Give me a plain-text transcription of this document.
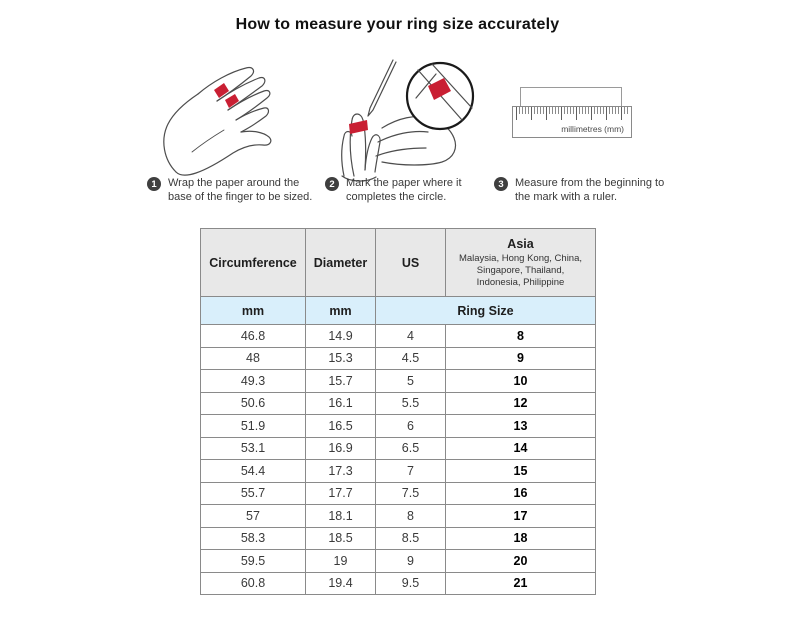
How to measure your ring size accurately
millimetres (mm)
1	Wrap the paper around the
base of the finger to be sized.
2	Mark the paper where it
completes the circle.
3	Measure from the beginning to
the mark with a ruler.
Circumference	Diameter	US	Asia
Malaysia, Hong Kong, China,
Singapore, Thailand,
Indonesia, Philippine

mm	mm	Ring Size	
46.8	14.9	4	8
48	15.3	4.5	9
49.3	15.7	5	10
50.6	16.1	5.5	12
51.9	16.5	6	13
53.1	16.9	6.5	14
54.4	17.3	7	15
55.7	17.7	7.5	16
57	18.1	8	17
58.3	18.5	8.5	18
59.5	19	9	20
60.8	19.4	9.5	21
